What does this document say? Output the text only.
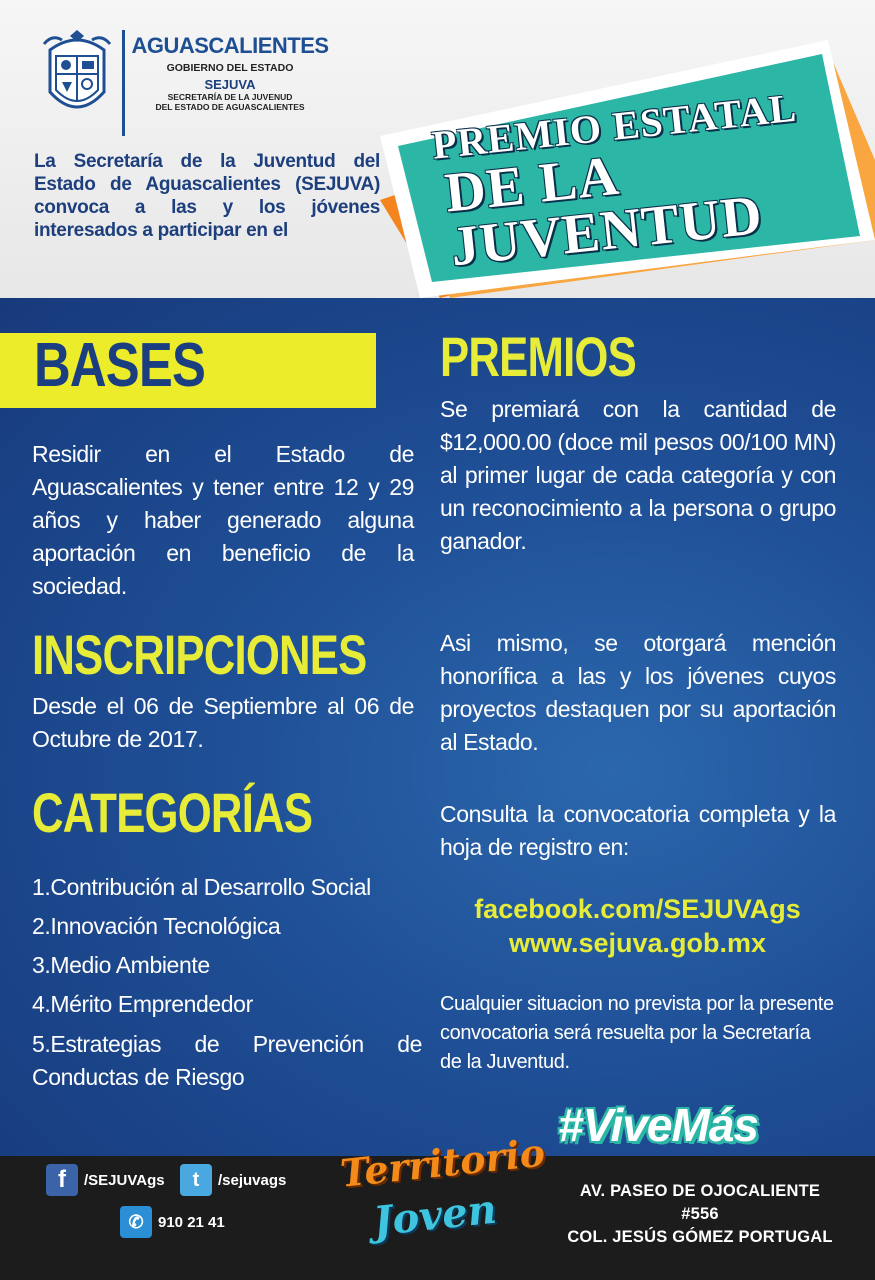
AGUASCALIENTES
GOBIERNO DEL ESTADO
SEJUVA
SECRETARÍA DE LA JUVENUD
DEL ESTADO DE AGUASCALIENTES
La Secretaría de la Juventud del Estado de Aguascalientes (SEJUVA) convoca a las y los jóvenes interesados a participar en el
PREMIO ESTATAL
DE LA JUVENTUD
BASES
Residir en el Estado de Aguascalientes y tener entre 12 y 29 años y haber generado alguna aportación en beneficio de la sociedad.
INSCRIPCIONES
Desde el 06 de Septiembre al 06 de Octubre de 2017.
CATEGORÍAS
1.Contribución al Desarrollo Social
2.Innovación Tecnológica
3.Medio Ambiente
4.Mérito Emprendedor
5.Estrategias de Prevención de Conductas de Riesgo
PREMIOS
Se premiará con la cantidad de $12,000.00 (doce mil pesos 00/100 MN) al primer lugar de cada categoría y con un reconocimiento a la persona o grupo ganador.
Asi mismo, se otorgará mención honorífica a las y los jóvenes cuyos proyectos destaquen por su aportación al Estado.
Consulta la convocatoria completa y la hoja de registro en:
facebook.com/SEJUVAgs
www.sejuva.gob.mx
Cualquier situacion no prevista por la presente convocatoria será resuelta por la Secretaría de la Juventud.
#ViveMás
f	/SEJUVAgs	t	/sejuvags
✆ 910 21 41
Territorio
Joven	AV. PASEO DE OJOCALIENTE #556
COL. JESÚS GÓMEZ PORTUGAL
